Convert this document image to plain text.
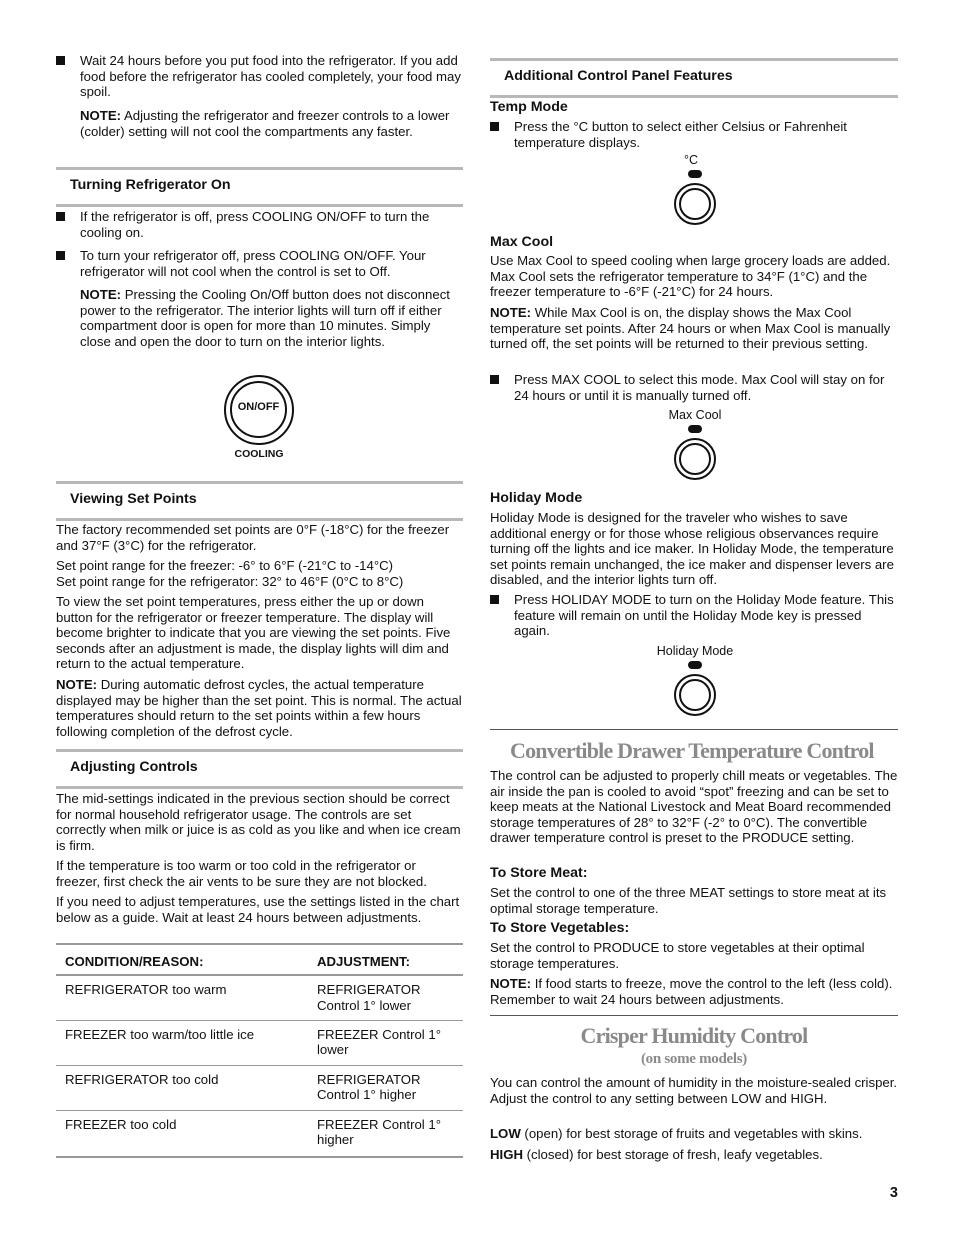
Wait 24 hours before you put food into the refrigerator. If you add food before the refrigerator has cooled completely, your food may spoil.
NOTE: Adjusting the refrigerator and freezer controls to a lower (colder) setting will not cool the compartments any faster.
Turning Refrigerator On
If the refrigerator is off, press COOLING ON/OFF to turn the cooling on.
To turn your refrigerator off, press COOLING ON/OFF. Your refrigerator will not cool when the control is set to Off.
NOTE: Pressing the Cooling On/Off button does not disconnect power to the refrigerator. The interior lights will turn off if either compartment door is open for more than 10 minutes. Simply close and open the door to turn on the interior lights.
ON/OFF
COOLING
Viewing Set Points

The factory recommended set points are 0°F (-18°C) for the freezer and 37°F (3°C) for the refrigerator.

Set point range for the freezer: -6° to 6°F (-21°C to -14°C)

Set point range for the refrigerator: 32° to 46°F (0°C to 8°C)

To view the set point temperatures, press either the up or down button for the refrigerator or freezer temperature. The display will become brighter to indicate that you are viewing the set points. Five seconds after an adjustment is made, the display lights will dim and return to the actual temperature.

NOTE: During automatic defrost cycles, the actual temperature displayed may be higher than the set point. This is normal. The actual temperatures should return to the set points within a few hours following completion of the defrost cycle.
Adjusting Controls

The mid-settings indicated in the previous section should be correct for normal household refrigerator usage. The controls are set correctly when milk or juice is as cold as you like and when ice cream is firm.

If the temperature is too warm or too cold in the refrigerator or freezer, first check the air vents to be sure they are not blocked.

If you need to adjust temperatures, use the settings listed in the chart below as a guide. Wait at least 24 hours between adjustments.

CONDITION/REASON:	ADJUSTMENT:
REFRIGERATOR too warm	REFRIGERATOR Control 1° lower
FREEZER too warm/too little ice	FREEZER Control 1° lower
REFRIGERATOR too cold	REFRIGERATOR Control 1° higher
FREEZER too cold	FREEZER Control 1° higher
Additional Control Panel Features
Temp Mode
Press the °C button to select either Celsius or Fahrenheit temperature displays.
°C
Max Cool

Use Max Cool to speed cooling when large grocery loads are added. Max Cool sets the refrigerator temperature to 34°F (1°C) and the freezer temperature to -6°F (-21°C) for 24 hours.

NOTE: While Max Cool is on, the display shows the Max Cool temperature set points. After 24 hours or when Max Cool is manually turned off, the set points will be returned to their previous setting.
Press MAX COOL to select this mode. Max Cool will stay on for 24 hours or until it is manually turned off.
Max Cool
Holiday Mode

Holiday Mode is designed for the traveler who wishes to save additional energy or for those whose religious observances require turning off the lights and ice maker. In Holiday Mode, the temperature set points remain unchanged, the ice maker and dispenser levers are disabled, and the interior lights turn off.

Press HOLIDAY MODE to turn on the Holiday Mode feature. This feature will remain on until the Holiday Mode key is pressed again.
Holiday Mode
Convertible Drawer Temperature Control

The control can be adjusted to properly chill meats or vegetables. The air inside the pan is cooled to avoid “spot” freezing and can be set to keep meats at the National Livestock and Meat Board recommended storage temperatures of 28° to 32°F (-2° to 0°C). The convertible drawer temperature control is preset to the PRODUCE setting.

To Store Meat:

Set the control to one of the three MEAT settings to store meat at its optimal storage temperature.

To Store Vegetables:

Set the control to PRODUCE to store vegetables at their optimal storage temperatures.

NOTE: If food starts to freeze, move the control to the left (less cold). Remember to wait 24 hours between adjustments.
Crisper Humidity Control
(on some models)

You can control the amount of humidity in the moisture-sealed crisper. Adjust the control to any setting between LOW and HIGH.

LOW (open) for best storage of fruits and vegetables with skins.
HIGH (closed) for best storage of fresh, leafy vegetables.
3
